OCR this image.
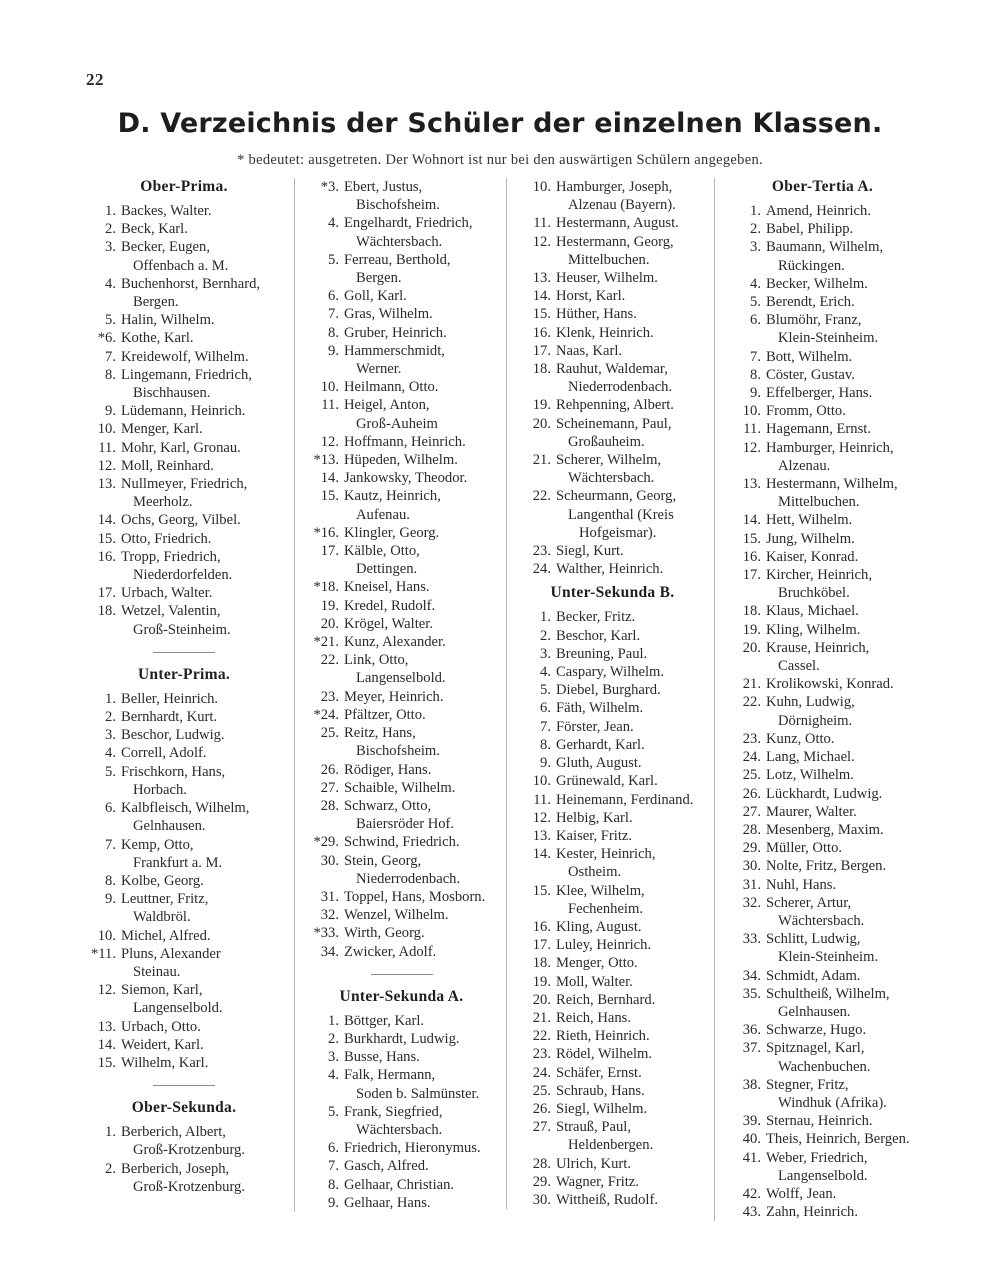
22
D. Verzeichnis der Schüler der einzelnen Klassen.
* bedeutet: ausgetreten. Der Wohnort ist nur bei den auswärtigen Schülern angegeben.
Ober-Prima.
1. Backes, Walter.
2. Beck, Karl.
3. Becker, Eugen,
Offenbach a. M.
4. Buchenhorst, Bernhard,
Bergen.
5. Halin, Wilhelm.
*6. Kothe, Karl.
7. Kreidewolf, Wilhelm.
8. Lingemann, Friedrich,
Bischhausen.
9. Lüdemann, Heinrich.
10. Menger, Karl.
11. Mohr, Karl, Gronau.
12. Moll, Reinhard.
13. Nullmeyer, Friedrich,
Meerholz.
14. Ochs, Georg, Vilbel.
15. Otto, Friedrich.
16. Tropp, Friedrich,
Niederdorfelden.
17. Urbach, Walter.
18. Wetzel, Valentin,
Groß-Steinheim.
Unter-Prima.
1. Beller, Heinrich.
2. Bernhardt, Kurt.
3. Beschor, Ludwig.
4. Correll, Adolf.
5. Frischkorn, Hans,
Horbach.
6. Kalbfleisch, Wilhelm,
Gelnhausen.
7. Kemp, Otto,
Frankfurt a. M.
8. Kolbe, Georg.
9. Leuttner, Fritz,
Waldbröl.
10. Michel, Alfred.
*11. Pluns, Alexander
Steinau.
12. Siemon, Karl,
Langenselbold.
13. Urbach, Otto.
14. Weidert, Karl.
15. Wilhelm, Karl.
Ober-Sekunda.
1. Berberich, Albert,
Groß-Krotzenburg.
2. Berberich, Joseph,
Groß-Krotzenburg.
*3. Ebert, Justus,
Bischofsheim.
4. Engelhardt, Friedrich,
Wächtersbach.
5. Ferreau, Berthold,
Bergen.
6. Goll, Karl.
7. Gras, Wilhelm.
8. Gruber, Heinrich.
9. Hammerschmidt,
Werner.
10. Heilmann, Otto.
11. Heigel, Anton,
Groß-Auheim
12. Hoffmann, Heinrich.
*13. Hüpeden, Wilhelm.
14. Jankowsky, Theodor.
15. Kautz, Heinrich,
Aufenau.
*16. Klingler, Georg.
17. Kälble, Otto,
Dettingen.
*18. Kneisel, Hans.
19. Kredel, Rudolf.
20. Krögel, Walter.
*21. Kunz, Alexander.
22. Link, Otto,
Langenselbold.
23. Meyer, Heinrich.
*24. Pfältzer, Otto.
25. Reitz, Hans,
Bischofsheim.
26. Rödiger, Hans.
27. Schaible, Wilhelm.
28. Schwarz, Otto,
Baiersröder Hof.
*29. Schwind, Friedrich.
30. Stein, Georg,
Niederrodenbach.
31. Toppel, Hans, Mosborn.
32. Wenzel, Wilhelm.
*33. Wirth, Georg.
34. Zwicker, Adolf.
Unter-Sekunda A.
1. Böttger, Karl.
2. Burkhardt, Ludwig.
3. Busse, Hans.
4. Falk, Hermann,
Soden b. Salmünster.
5. Frank, Siegfried,
Wächtersbach.
6. Friedrich, Hieronymus.
7. Gasch, Alfred.
8. Gelhaar, Christian.
9. Gelhaar, Hans.
10. Hamburger, Joseph,
Alzenau (Bayern).
11. Hestermann, August.
12. Hestermann, Georg,
Mittelbuchen.
13. Heuser, Wilhelm.
14. Horst, Karl.
15. Hüther, Hans.
16. Klenk, Heinrich.
17. Naas, Karl.
18. Rauhut, Waldemar,
Niederrodenbach.
19. Rehpenning, Albert.
20. Scheinemann, Paul,
Großauheim.
21. Scherer, Wilhelm,
Wächtersbach.
22. Scheurmann, Georg,
Langenthal (Kreis
Hofgeismar).
23. Siegl, Kurt.
24. Walther, Heinrich.
Unter-Sekunda B.
1. Becker, Fritz.
2. Beschor, Karl.
3. Breuning, Paul.
4. Caspary, Wilhelm.
5. Diebel, Burghard.
6. Fäth, Wilhelm.
7. Förster, Jean.
8. Gerhardt, Karl.
9. Gluth, August.
10. Grünewald, Karl.
11. Heinemann, Ferdinand.
12. Helbig, Karl.
13. Kaiser, Fritz.
14. Kester, Heinrich,
Ostheim.
15. Klee, Wilhelm,
Fechenheim.
16. Kling, August.
17. Luley, Heinrich.
18. Menger, Otto.
19. Moll, Walter.
20. Reich, Bernhard.
21. Reich, Hans.
22. Rieth, Heinrich.
23. Rödel, Wilhelm.
24. Schäfer, Ernst.
25. Schraub, Hans.
26. Siegl, Wilhelm.
27. Strauß, Paul,
Heldenbergen.
28. Ulrich, Kurt.
29. Wagner, Fritz.
30. Wittheiß, Rudolf.
Ober-Tertia A.
1. Amend, Heinrich.
2. Babel, Philipp.
3. Baumann, Wilhelm,
Rückingen.
4. Becker, Wilhelm.
5. Berendt, Erich.
6. Blumöhr, Franz,
Klein-Steinheim.
7. Bott, Wilhelm.
8. Cöster, Gustav.
9. Effelberger, Hans.
10. Fromm, Otto.
11. Hagemann, Ernst.
12. Hamburger, Heinrich,
Alzenau.
13. Hestermann, Wilhelm,
Mittelbuchen.
14. Hett, Wilhelm.
15. Jung, Wilhelm.
16. Kaiser, Konrad.
17. Kircher, Heinrich,
Bruchköbel.
18. Klaus, Michael.
19. Kling, Wilhelm.
20. Krause, Heinrich,
Cassel.
21. Krolikowski, Konrad.
22. Kuhn, Ludwig,
Dörnigheim.
23. Kunz, Otto.
24. Lang, Michael.
25. Lotz, Wilhelm.
26. Lückhardt, Ludwig.
27. Maurer, Walter.
28. Mesenberg, Maxim.
29. Müller, Otto.
30. Nolte, Fritz, Bergen.
31. Nuhl, Hans.
32. Scherer, Artur,
Wächtersbach.
33. Schlitt, Ludwig,
Klein-Steinheim.
34. Schmidt, Adam.
35. Schultheiß, Wilhelm,
Gelnhausen.
36. Schwarze, Hugo.
37. Spitznagel, Karl,
Wachenbuchen.
38. Stegner, Fritz,
Windhuk (Afrika).
39. Sternau, Heinrich.
40. Theis, Heinrich, Bergen.
41. Weber, Friedrich,
Langenselbold.
42. Wolff, Jean.
43. Zahn, Heinrich.
